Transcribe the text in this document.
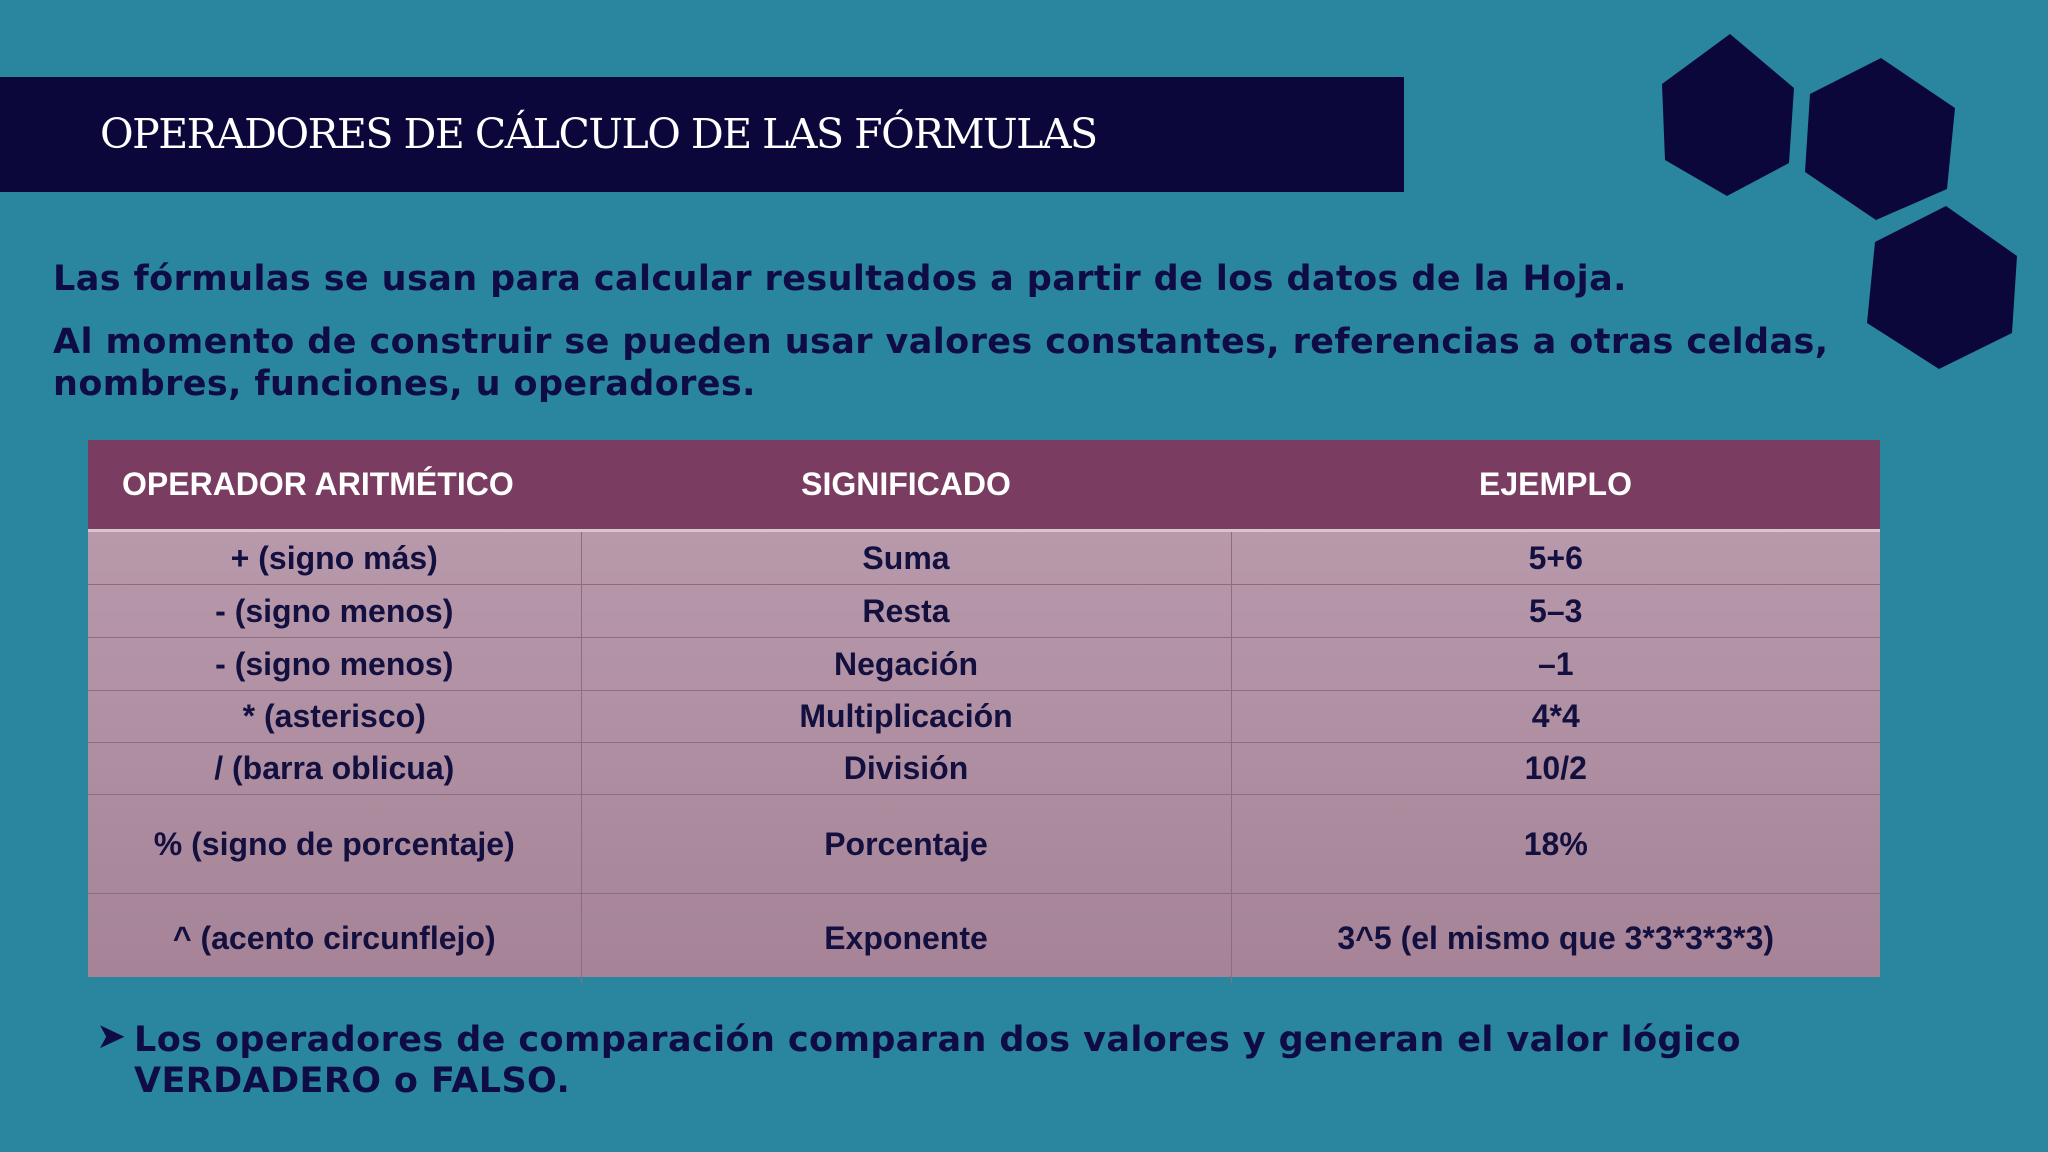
OPERADORES DE CÁLCULO DE LAS FÓRMULAS

Las fórmulas se usan para calcular resultados a partir de los datos de la Hoja.

Al momento de construir se pueden usar valores constantes, referencias a otras celdas, nombres, funciones, u operadores.

OPERADOR ARITMÉTICO	SIGNIFICADO	EJEMPLO
+ (signo más)	Suma	5+6
- (signo menos)	Resta	5–3
- (signo menos)	Negación	–1
* (asterisco)	Multiplicación	4*4
/ (barra oblicua)	División	10/2
% (signo de porcentaje)	Porcentaje	18%
^ (acento circunflejo)	Exponente	3^5 (el mismo que 3*3*3*3*3)
➤ Los operadores de comparación comparan dos valores y generan el valor lógico VERDADERO o FALSO.
